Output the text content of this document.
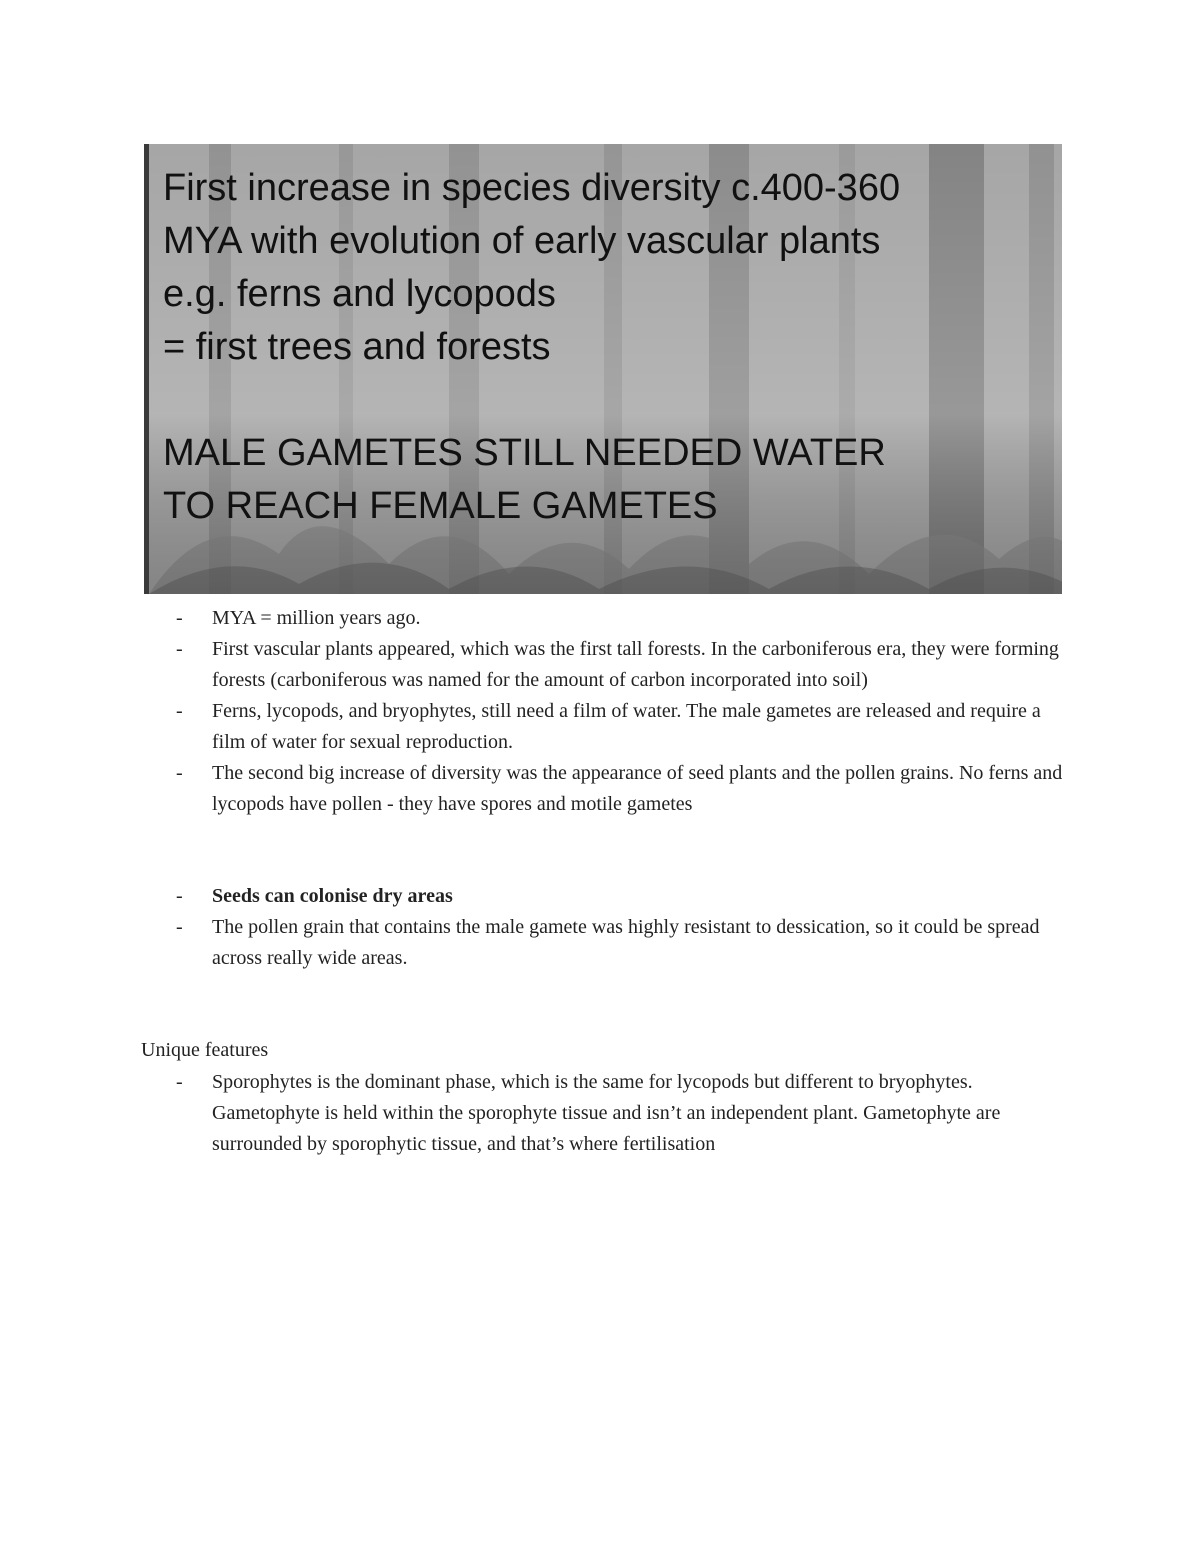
First increase in species diversity c.400-360
MYA with evolution of early vascular plants
e.g. ferns and lycopods
= first trees and forests
MALE GAMETES STILL NEEDED WATER
TO REACH FEMALE GAMETES
- MYA = million years ago.
- First vascular plants appeared, which was the first tall forests. In the carboniferous era, they were forming forests (carboniferous was named for the amount of carbon incorporated into soil)
- Ferns, lycopods, and bryophytes, still need a film of water. The male gametes are released and require a film of water for sexual reproduction.
- The second big increase of diversity was the appearance of seed plants and the pollen grains. No ferns and lycopods have pollen - they have spores and motile gametes
- Seeds can colonise dry areas
- The pollen grain that contains the male gamete was highly resistant to dessication, so it could be spread across really wide areas.
Unique features
- Sporophytes is the dominant phase, which is the same for lycopods but different to bryophytes. Gametophyte is held within the sporophyte tissue and isn’t an independent plant. Gametophyte are surrounded by sporophytic tissue, and that’s where fertilisation
